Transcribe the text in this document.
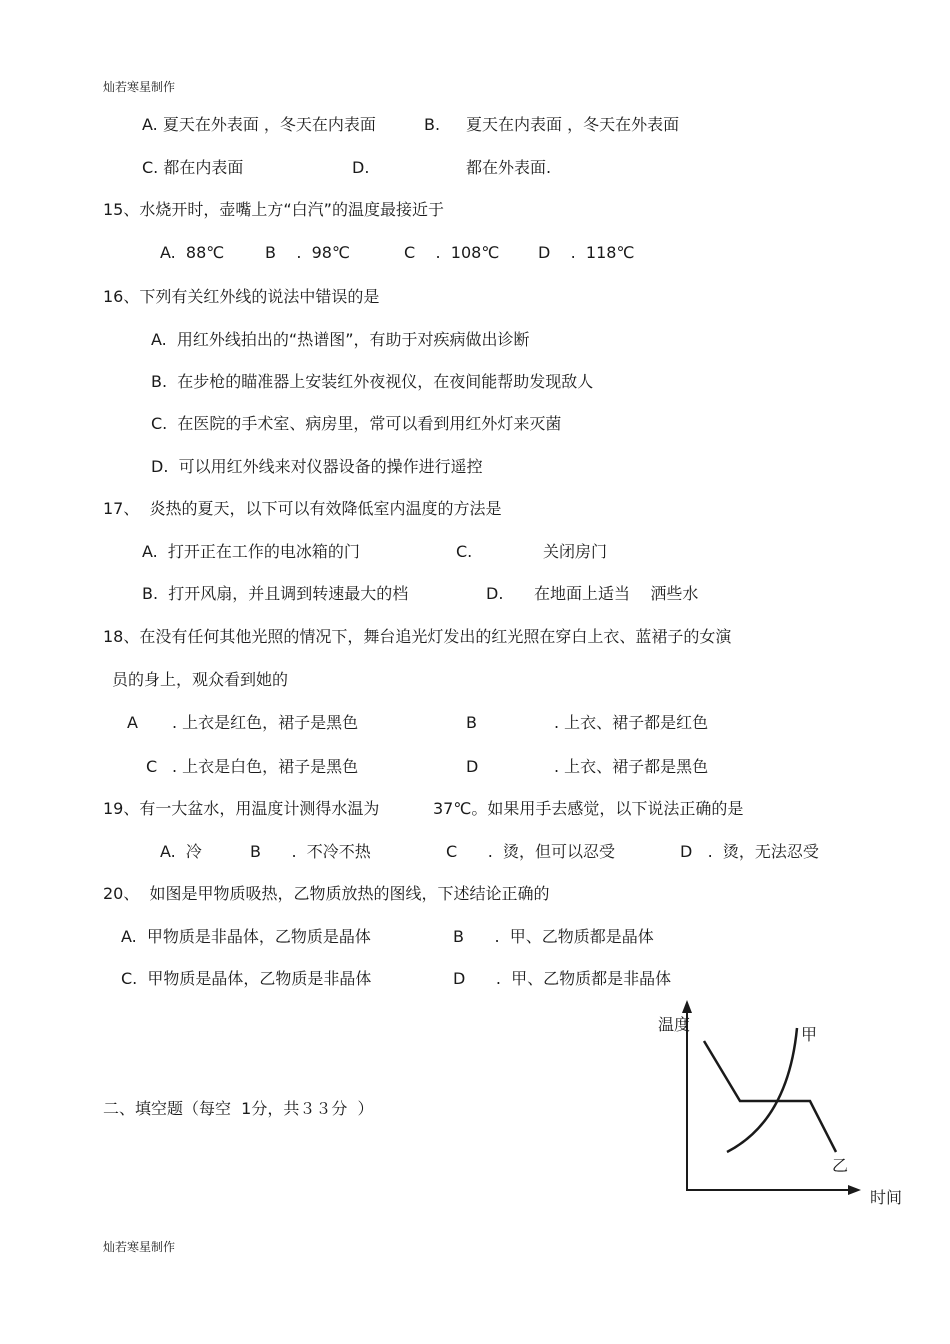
灿若寒星制作
A. 夏天在外表面 ，冬天在内表面	B. 夏天在内表面 ，冬天在外表面
C. 都在内表面	D.	都在外表面.
15、水烧开时，壶嘴上方“白汽”的温度最接近于
A.  88℃	B    .  98℃	C    .  108℃ D    .  118℃
16、下列有关红外线的说法中错误的是
A.  用红外线拍出的“热谱图”，有助于对疾病做出诊断
B.  在步枪的瞄准器上安装红外夜视仪，在夜间能帮助发现敌人
C.  在医院的手术室、病房里，常可以看到用红外灯来灭菌
D.  可以用红外线来对仪器设备的操作进行遥控
17、  炎热的夏天，以下可以有效降低室内温度的方法是
A.  打开正在工作的电冰箱的门	C.	关闭房门
B.  打开风扇，并且调到转速最大的档	D. 在地面上适当    洒些水
18、在没有任何其他光照的情况下，舞台追光灯发出的红光照在穿白上衣、蓝裙子的女演
员的身上，观众看到她的
A . 上衣是红色，裙子是黑色	B	. 上衣、裙子都是红色
C . 上衣是白色，裙子是黑色	D	. 上衣、裙子都是黑色
19、有一大盆水，用温度计测得水温为	37℃。如果用手去感觉，以下说法正确的是
A.  冷	B      .  不冷不热	C      .  烫，但可以忍受	D   .  烫，无法忍受
20、  如图是甲物质吸热，乙物质放热的图线，下述结论正确的
A.  甲物质是非晶体，乙物质是晶体	B      .  甲、乙物质都是晶体
C.  甲物质是晶体，乙物质是非晶体	D      .  甲、乙物质都是非晶体
二、填空题（每空  1分，共３３分  ）
温度
时间
甲
乙
灿若寒星制作
